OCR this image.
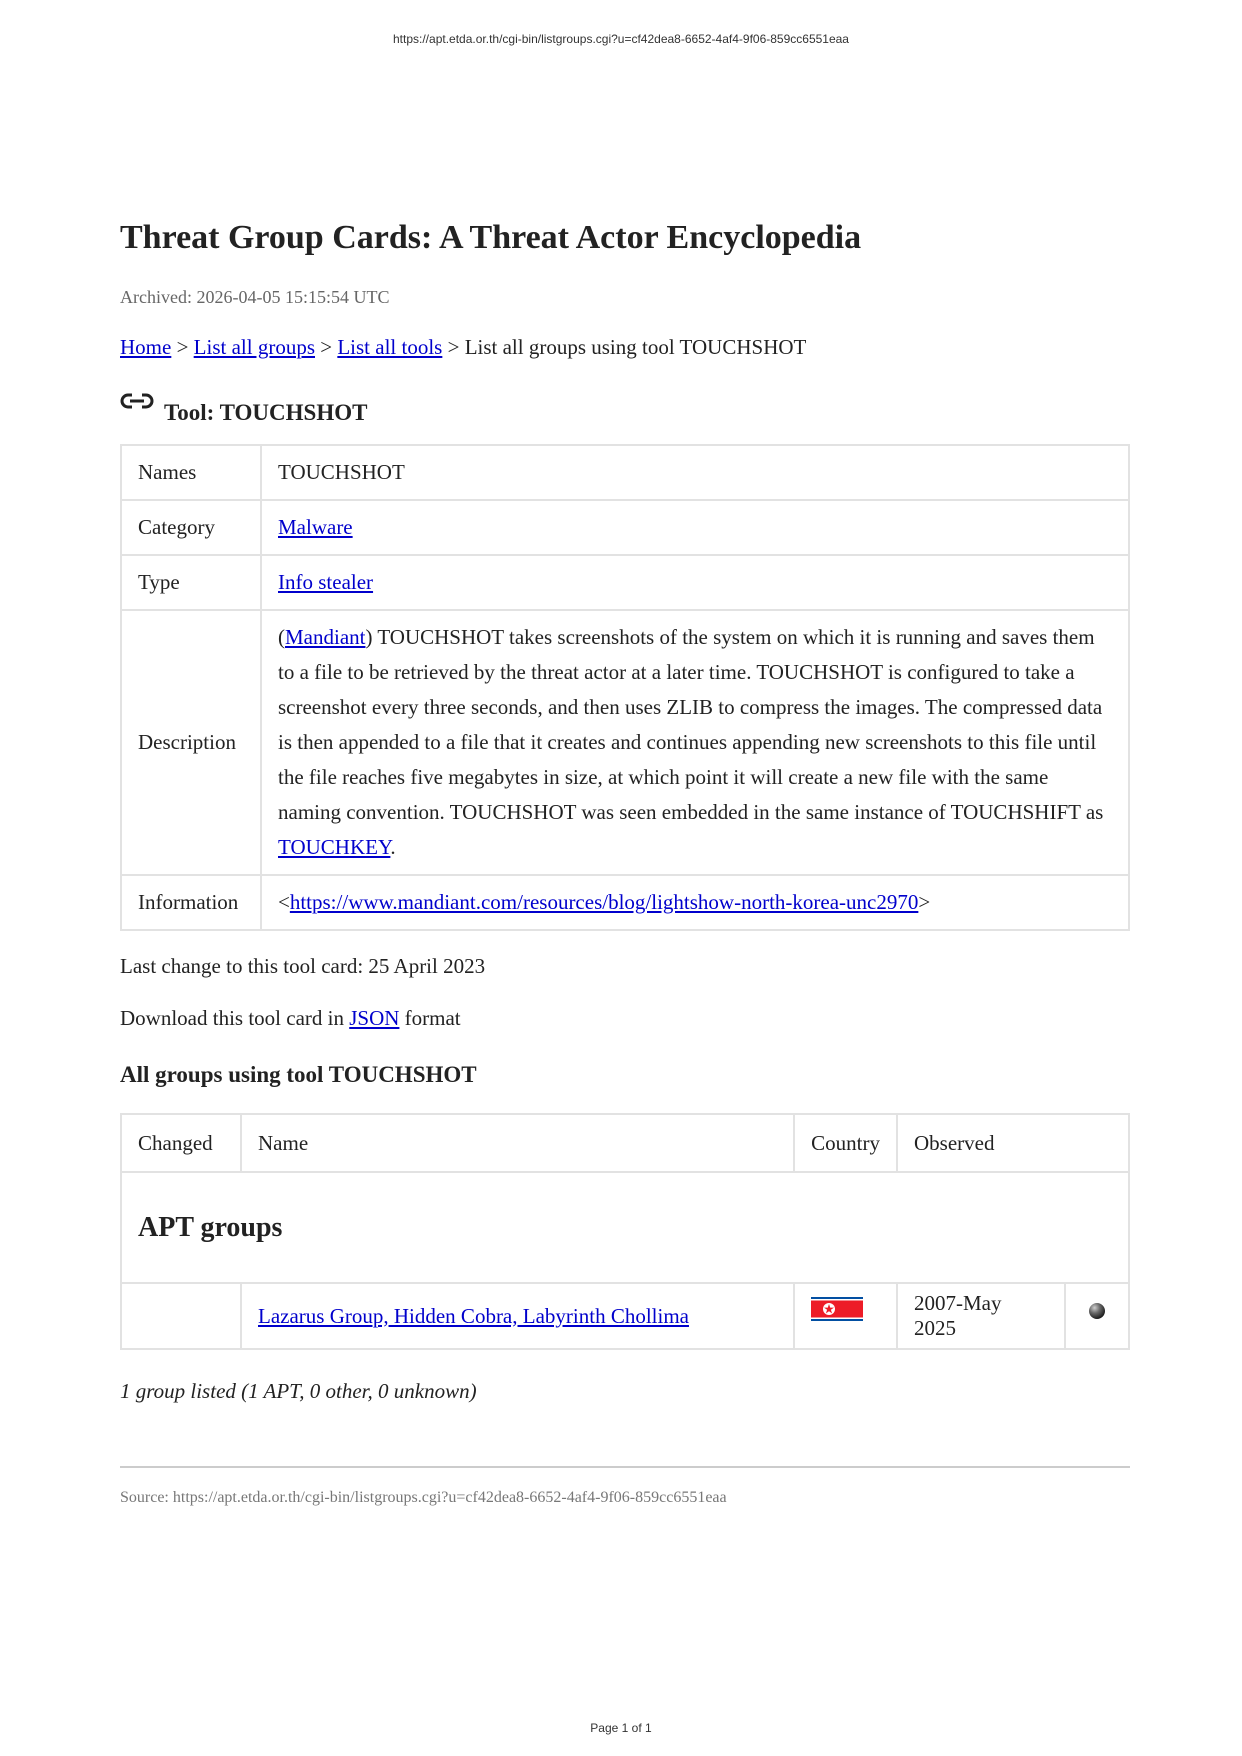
https://apt.etda.or.th/cgi-bin/listgroups.cgi?u=cf42dea8-6652-4af4-9f06-859cc6551eaa
Threat Group Cards: A Threat Actor Encyclopedia
Archived: 2026-04-05 15:15:54 UTC
Home > List all groups > List all tools > List all groups using tool TOUCHSHOT
Tool: TOUCHSHOT
Names	TOUCHSHOT
Category	Malware
Type	Info stealer
Description	(Mandiant) TOUCHSHOT takes screenshots of the system on which it is running and saves them to a file to be retrieved by the threat actor at a later time. TOUCHSHOT is configured to take a screenshot every three seconds, and then uses ZLIB to compress the images. The compressed data is then appended to a file that it creates and continues appending new screenshots to this file until the file reaches five megabytes in size, at which point it will create a new file with the same naming convention. TOUCHSHOT was seen embedded in the same instance of TOUCHSHIFT as TOUCHKEY.
Information	<https://www.mandiant.com/resources/blog/lightshow-north-korea-unc2970>
Last change to this tool card: 25 April 2023
Download this tool card in JSON format
All groups using tool TOUCHSHOT
Changed	Name	Country	Observed	
APT groups				
	Lazarus Group, Hidden Cobra, Labyrinth Chollima		2007-May 2025	
1 group listed (1 APT, 0 other, 0 unknown)
Source: https://apt.etda.or.th/cgi-bin/listgroups.cgi?u=cf42dea8-6652-4af4-9f06-859cc6551eaa
Page 1 of 1
